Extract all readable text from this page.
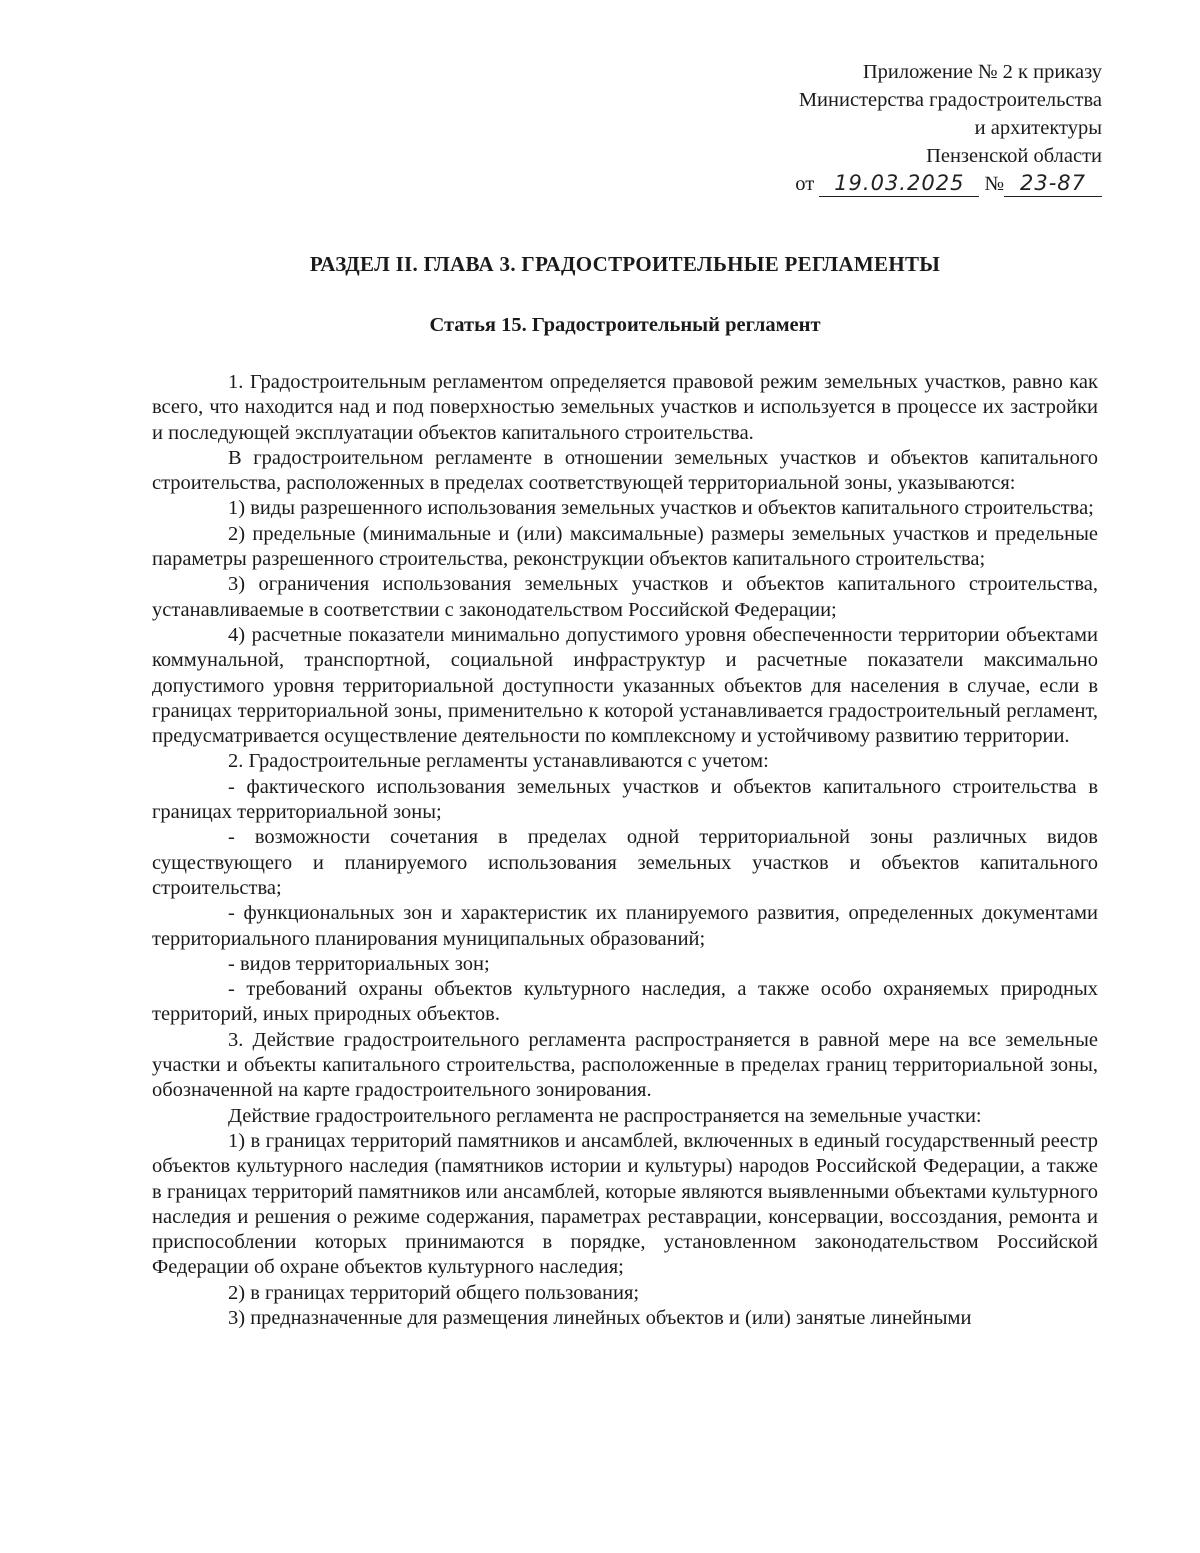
Приложение № 2 к приказу
Министерства градостроительства
и архитектуры
Пензенской области
от 19.03.2025 № 23-87
РАЗДЕЛ II. ГЛАВА 3. ГРАДОСТРОИТЕЛЬНЫЕ РЕГЛАМЕНТЫ
Статья 15. Градостроительный регламент

1. Градостроительным регламентом определяется правовой режим земельных участков, равно как всего, что находится над и под поверхностью земельных участков и используется в процессе их застройки и последующей эксплуатации объектов капитального строительства.

В градостроительном регламенте в отношении земельных участков и объектов капитального строительства, расположенных в пределах соответствующей территориальной зоны, указываются:

1) виды разрешенного использования земельных участков и объектов капитального строительства;

2) предельные (минимальные и (или) максимальные) размеры земельных участков и предельные параметры разрешенного строительства, реконструкции объектов капитального строительства;

3) ограничения использования земельных участков и объектов капитального строительства, устанавливаемые в соответствии с законодательством Российской Федерации;

4) расчетные показатели минимально допустимого уровня обеспеченности территории объектами коммунальной, транспортной, социальной инфраструктур и расчетные показатели максимально допустимого уровня территориальной доступности указанных объектов для населения в случае, если в границах территориальной зоны, применительно к которой устанавливается градостроительный регламент, предусматривается осуществление деятельности по комплексному и устойчивому развитию территории.

2. Градостроительные регламенты устанавливаются с учетом:

- фактического использования земельных участков и объектов капитального строительства в границах территориальной зоны;

- возможности сочетания в пределах одной территориальной зоны различных видов существующего и планируемого использования земельных участков и объектов капитального строительства;

- функциональных зон и характеристик их планируемого развития, определенных документами территориального планирования муниципальных образований;

- видов территориальных зон;

- требований охраны объектов культурного наследия, а также особо охраняемых природных территорий, иных природных объектов.

3. Действие градостроительного регламента распространяется в равной мере на все земельные участки и объекты капитального строительства, расположенные в пределах границ территориальной зоны, обозначенной на карте градостроительного зонирования.

Действие градостроительного регламента не распространяется на земельные участки:

1) в границах территорий памятников и ансамблей, включенных в единый государственный реестр объектов культурного наследия (памятников истории и культуры) народов Российской Федерации, а также в границах территорий памятников или ансамблей, которые являются выявленными объектами культурного наследия и решения о режиме содержания, параметрах реставрации, консервации, воссоздания, ремонта и приспособлении которых принимаются в порядке, установленном законодательством Российской Федерации об охране объектов культурного наследия;

2) в границах территорий общего пользования;

3) предназначенные для размещения линейных объектов и (или) занятые линейными
